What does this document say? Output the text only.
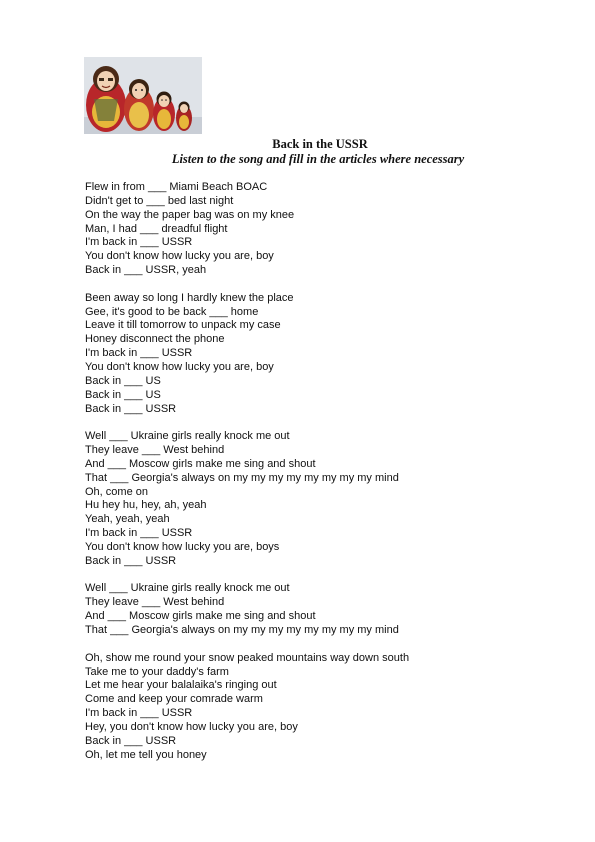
Back in the USSR
Listen to the song and fill in the articles where necessary

Flew in from ___ Miami Beach BOAC
Didn't get to ___ bed last night
On the way the paper bag was on my knee
Man, I had ___ dreadful flight
I'm back in ___ USSR
You don't know how lucky you are, boy
Back in ___ USSR, yeah

Been away so long I hardly knew the place
Gee, it's good to be back ___ home
Leave it till tomorrow to unpack my case
Honey disconnect the phone
I'm back in ___ USSR
You don't know how lucky you are, boy
Back in ___ US
Back in ___ US
Back in ___ USSR

Well ___ Ukraine girls really knock me out
They leave ___ West behind
And ___ Moscow girls make me sing and shout
That ___ Georgia's always on my my my my my my my my mind
Oh, come on
Hu hey hu, hey, ah, yeah
Yeah, yeah, yeah
I'm back in ___ USSR
You don't know how lucky you are, boys
Back in ___ USSR

Well ___ Ukraine girls really knock me out
They leave ___ West behind
And ___ Moscow girls make me sing and shout
That ___ Georgia's always on my my my my my my my my mind

Oh, show me round your snow peaked mountains way down south
Take me to your daddy's farm
Let me hear your balalaika's ringing out
Come and keep your comrade warm
I'm back in ___ USSR
Hey, you don't know how lucky you are, boy
Back in ___ USSR
Oh, let me tell you honey
